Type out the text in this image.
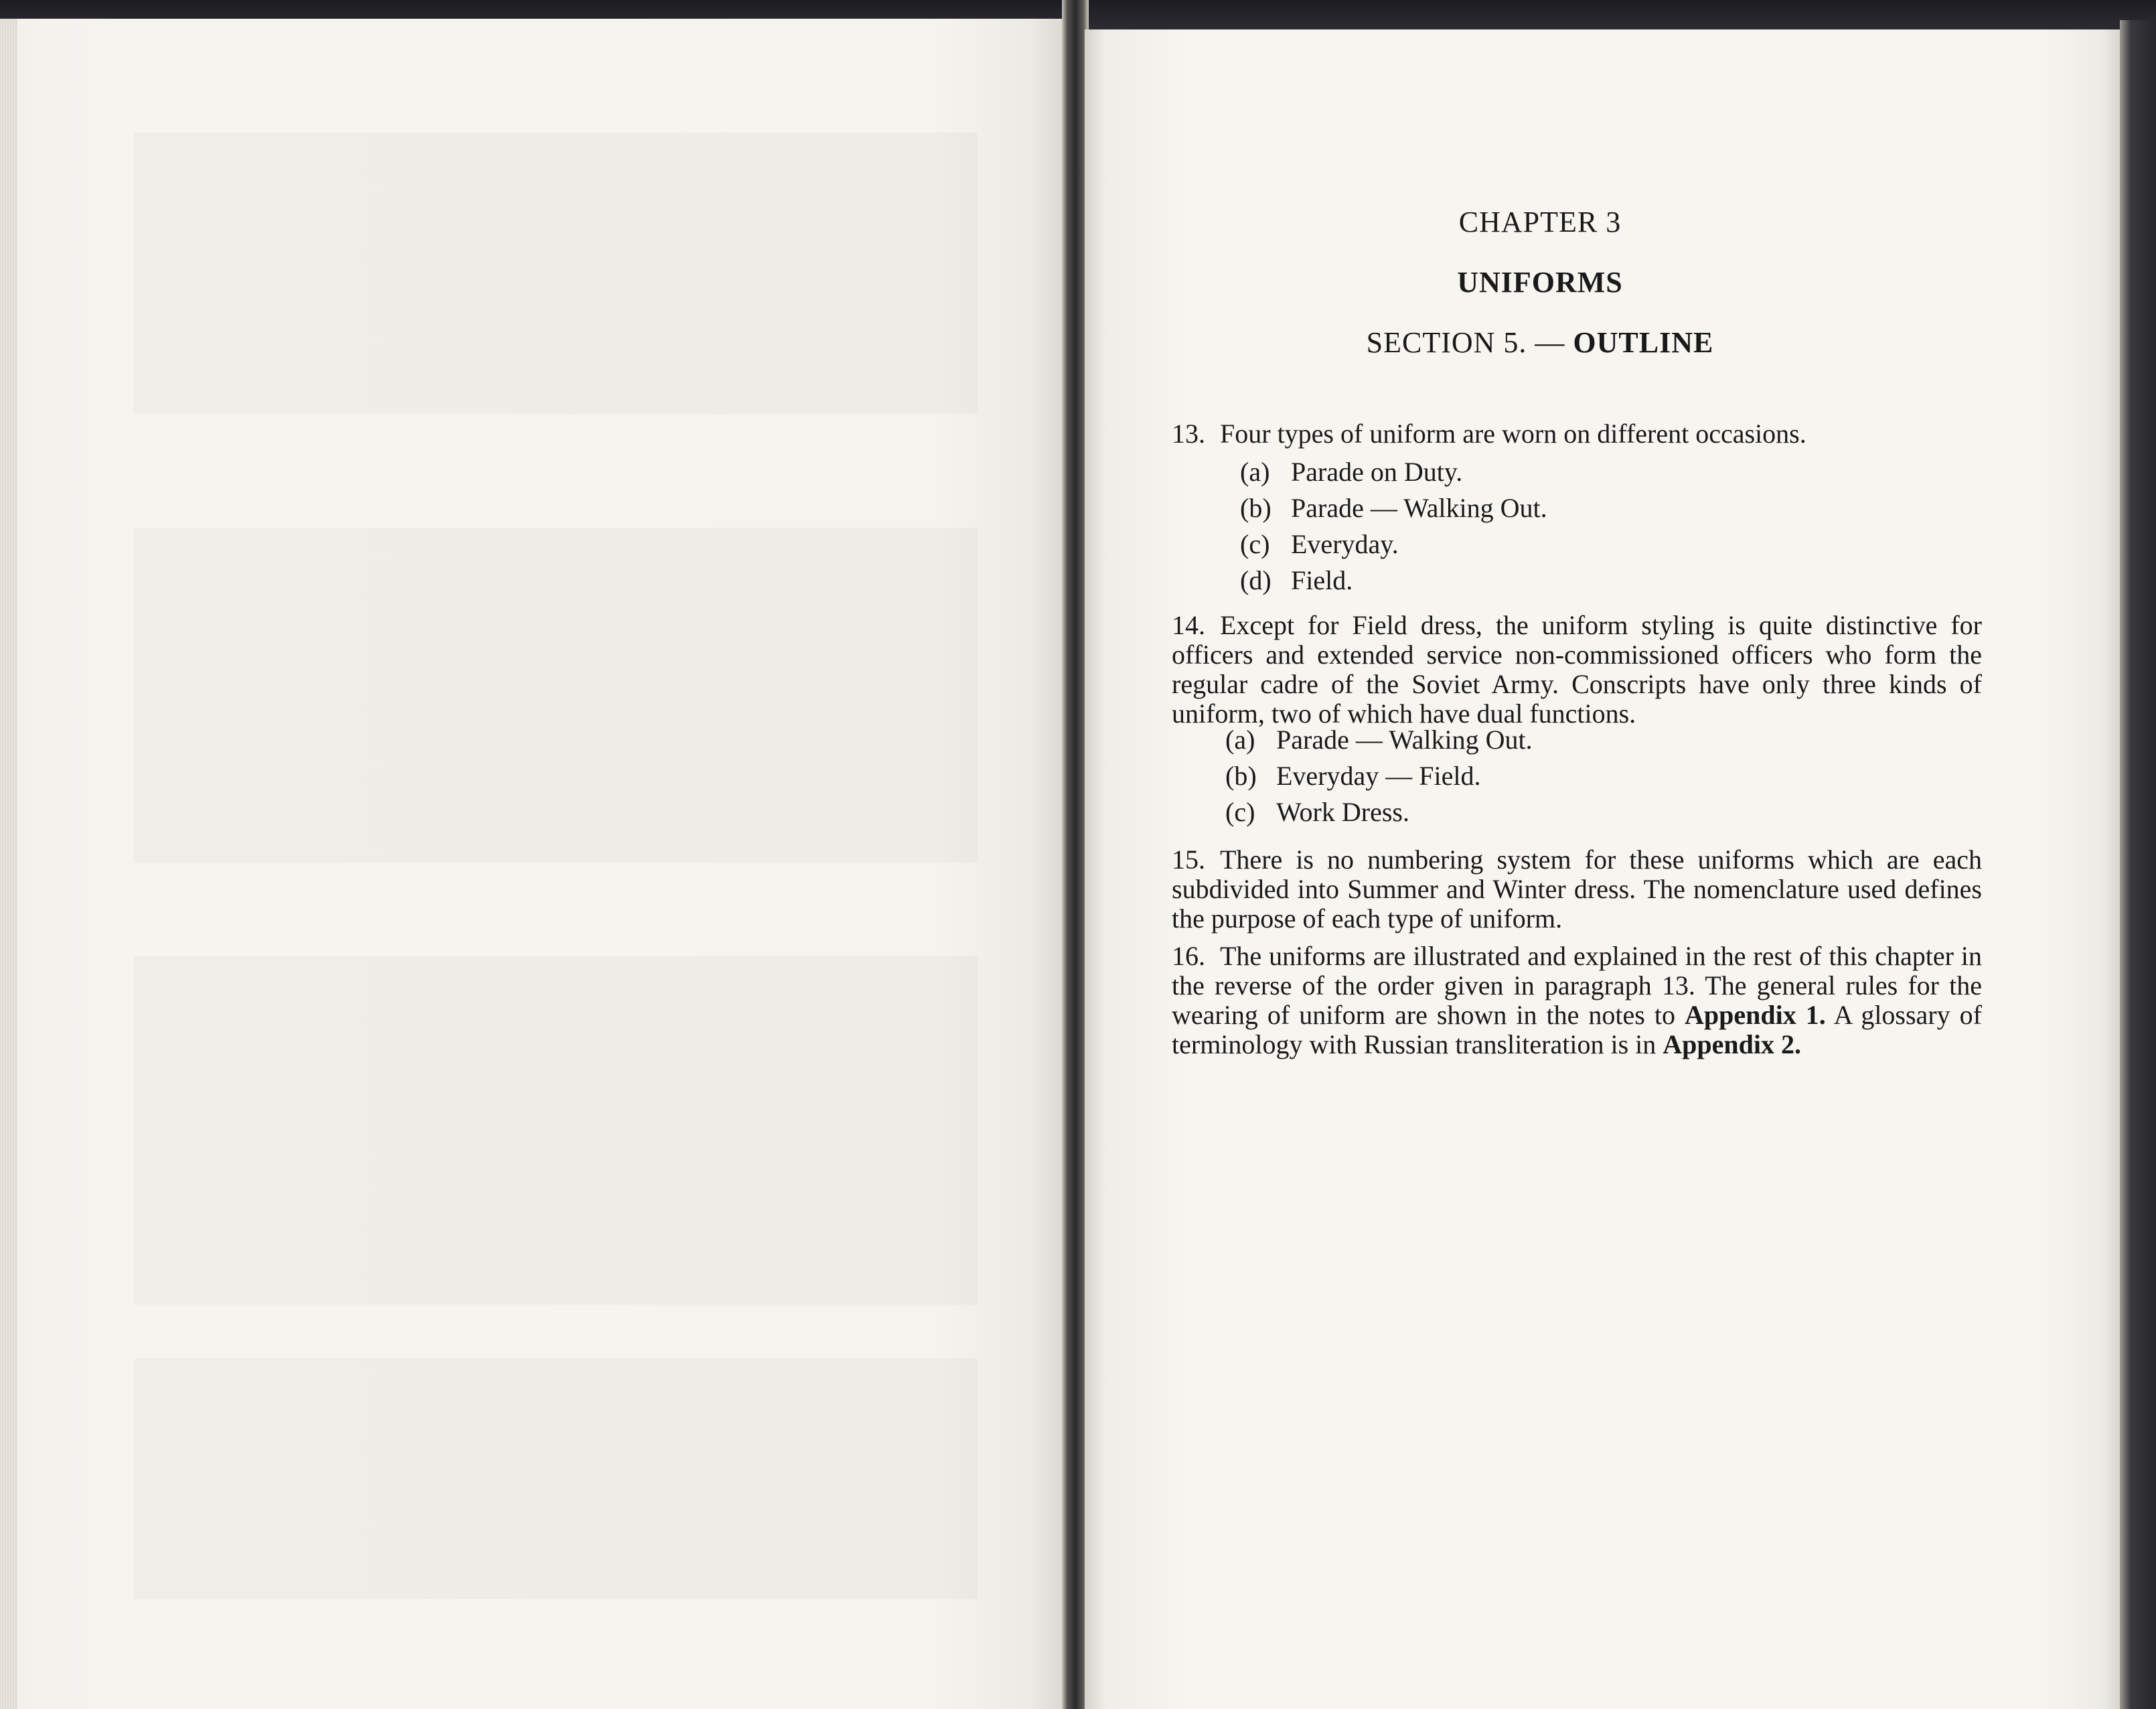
CHAPTER 3
UNIFORMS
SECTION 5. — OUTLINE
13. Four types of uniform are worn on different occasions.
(a) Parade on Duty.
(b) Parade — Walking Out.
(c) Everyday.
(d) Field.
14. Except for Field dress, the uniform styling is quite distinctive for officers and extended service non-commissioned officers who form the regular cadre of the Soviet Army. Conscripts have only three kinds of uniform, two of which have dual functions.
(a) Parade — Walking Out.
(b) Everyday — Field.
(c) Work Dress.
15. There is no numbering system for these uniforms which are each subdivided into Summer and Winter dress. The nomenclature used defines the purpose of each type of uniform.
16. The uniforms are illustrated and explained in the rest of this chapter in the reverse of the order given in paragraph 13. The general rules for the wearing of uniform are shown in the notes to Appendix 1. A glossary of terminology with Russian transliteration is in Appendix 2.
